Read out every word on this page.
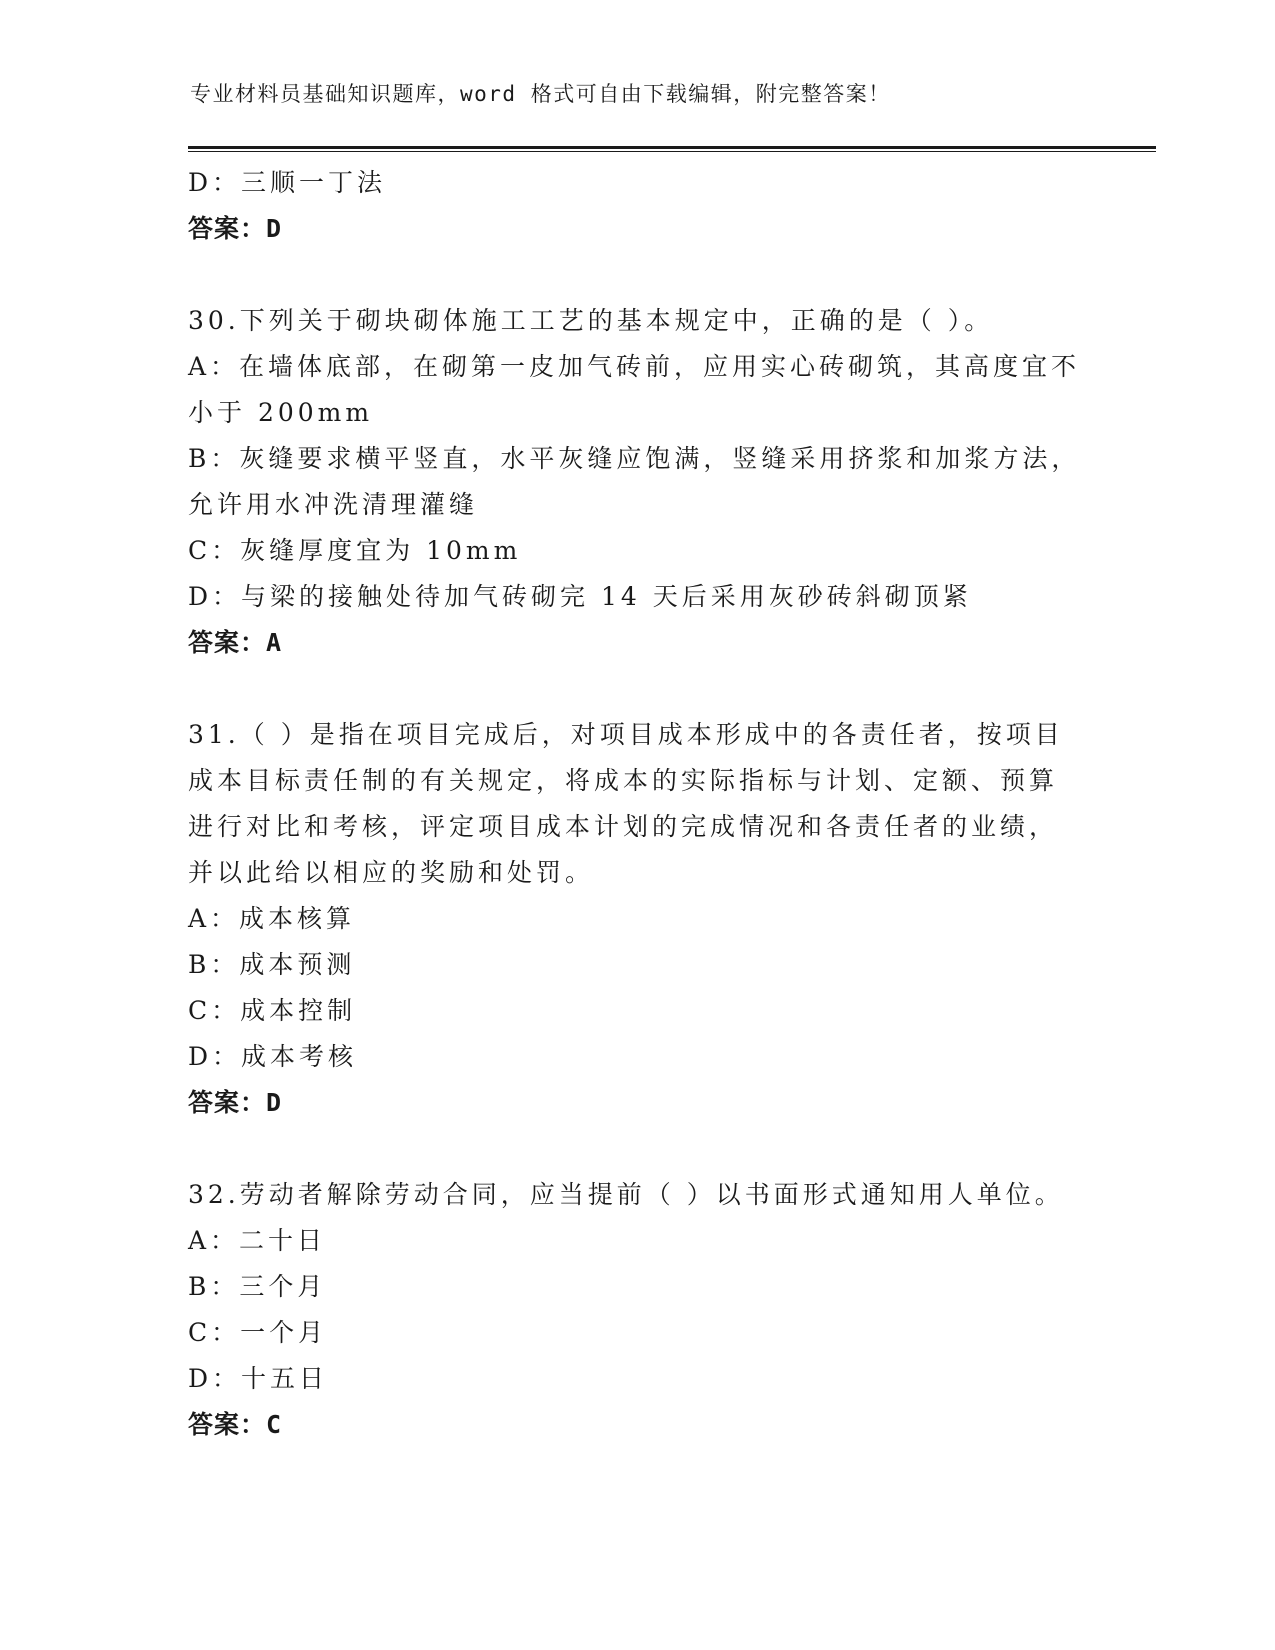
专业材料员基础知识题库，word 格式可自由下载编辑，附完整答案！
D：三顺一丁法
答案：D
30.下列关于砌块砌体施工工艺的基本规定中，正确的是（ ）。
A：在墙体底部，在砌第一皮加气砖前，应用实心砖砌筑，其高度宜不
小于 200mm
B：灰缝要求横平竖直，水平灰缝应饱满，竖缝采用挤浆和加浆方法，
允许用水冲洗清理灌缝
C：灰缝厚度宜为 10mm
D：与梁的接触处待加气砖砌完 14 天后采用灰砂砖斜砌顶紧
答案：A
31.（ ）是指在项目完成后，对项目成本形成中的各责任者，按项目
成本目标责任制的有关规定，将成本的实际指标与计划、定额、预算
进行对比和考核，评定项目成本计划的完成情况和各责任者的业绩，
并以此给以相应的奖励和处罚。
A：成本核算
B：成本预测
C：成本控制
D：成本考核
答案：D
32.劳动者解除劳动合同，应当提前（ ）以书面形式通知用人单位。
A：二十日
B：三个月
C：一个月
D：十五日
答案：C
